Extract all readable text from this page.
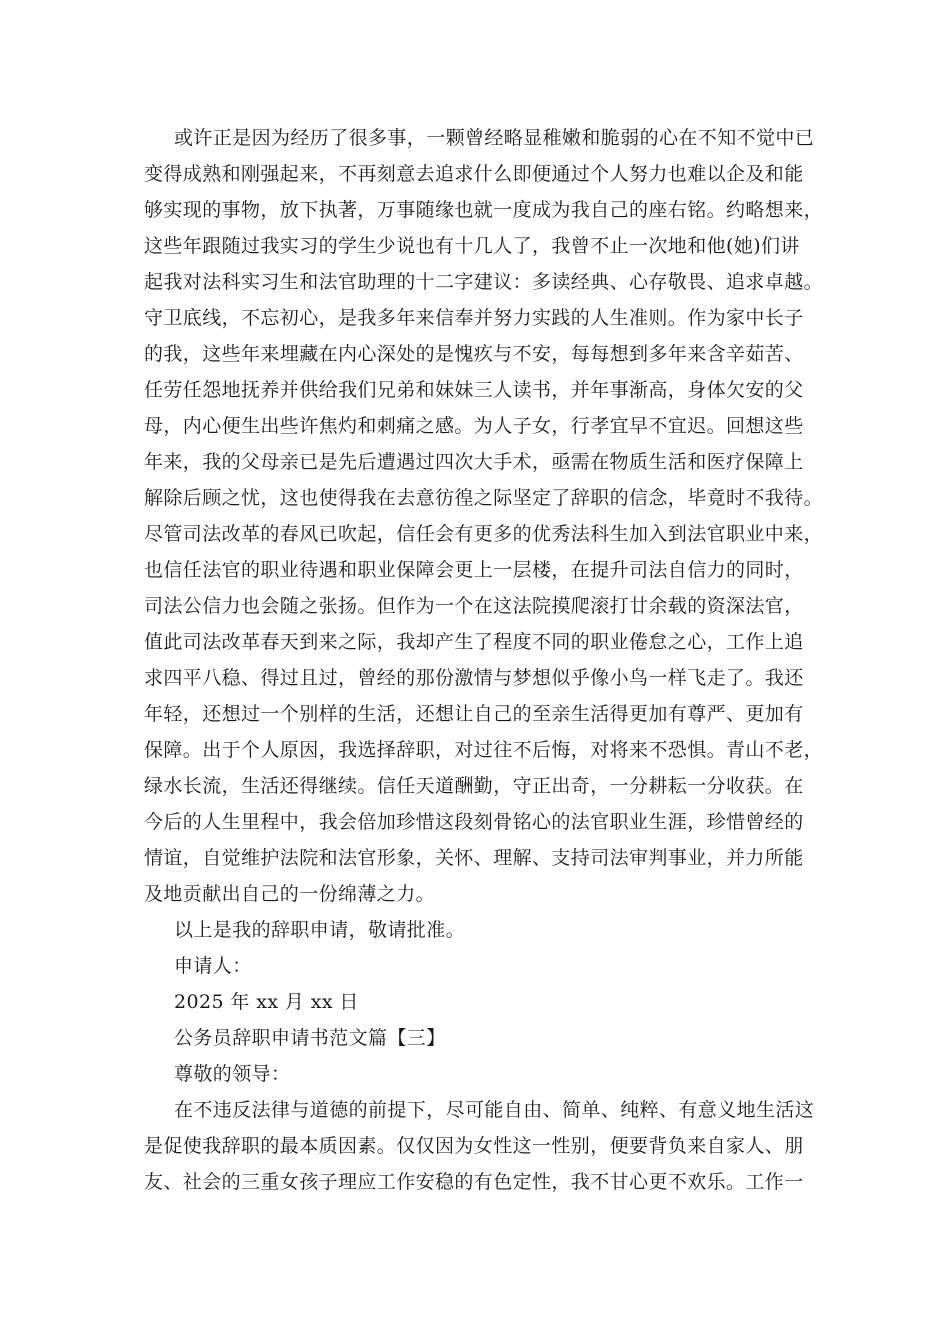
或许正是因为经历了很多事，一颗曾经略显稚嫩和脆弱的心在不知不觉中已
变得成熟和刚强起来，不再刻意去追求什么即便通过个人努力也难以企及和能
够实现的事物，放下执著，万事随缘也就一度成为我自己的座右铭。约略想来，
这些年跟随过我实习的学生少说也有十几人了，我曾不止一次地和他(她)们讲
起我对法科实习生和法官助理的十二字建议：多读经典、心存敬畏、追求卓越。
守卫底线，不忘初心，是我多年来信奉并努力实践的人生准则。作为家中长子
的我，这些年来埋藏在内心深处的是愧疚与不安，每每想到多年来含辛茹苦、
任劳任怨地抚养并供给我们兄弟和妹妹三人读书，并年事渐高，身体欠安的父
母，内心便生出些许焦灼和刺痛之感。为人子女，行孝宜早不宜迟。回想这些
年来，我的父母亲已是先后遭遇过四次大手术，亟需在物质生活和医疗保障上
解除后顾之忧，这也使得我在去意彷徨之际坚定了辞职的信念，毕竟时不我待。
尽管司法改革的春风已吹起，信任会有更多的优秀法科生加入到法官职业中来，
也信任法官的职业待遇和职业保障会更上一层楼，在提升司法自信力的同时，
司法公信力也会随之张扬。但作为一个在这法院摸爬滚打廿余载的资深法官，
值此司法改革春天到来之际，我却产生了程度不同的职业倦怠之心，工作上追
求四平八稳、得过且过，曾经的那份激情与梦想似乎像小鸟一样飞走了。我还
年轻，还想过一个别样的生活，还想让自己的至亲生活得更加有尊严、更加有
保障。出于个人原因，我选择辞职，对过往不后悔，对将来不恐惧。青山不老，
绿水长流，生活还得继续。信任天道酬勤，守正出奇，一分耕耘一分收获。在
今后的人生里程中，我会倍加珍惜这段刻骨铭心的法官职业生涯，珍惜曾经的
情谊，自觉维护法院和法官形象，关怀、理解、支持司法审判事业，并力所能
及地贡献出自己的一份绵薄之力。
以上是我的辞职申请，敬请批准。
申请人：
2025 年 xx 月 xx 日
公务员辞职申请书范文篇【三】
尊敬的领导：
在不违反法律与道德的前提下，尽可能自由、简单、纯粹、有意义地生活这
是促使我辞职的最本质因素。仅仅因为女性这一性别，便要背负来自家人、朋
友、社会的三重女孩子理应工作安稳的有色定性，我不甘心更不欢乐。工作一
